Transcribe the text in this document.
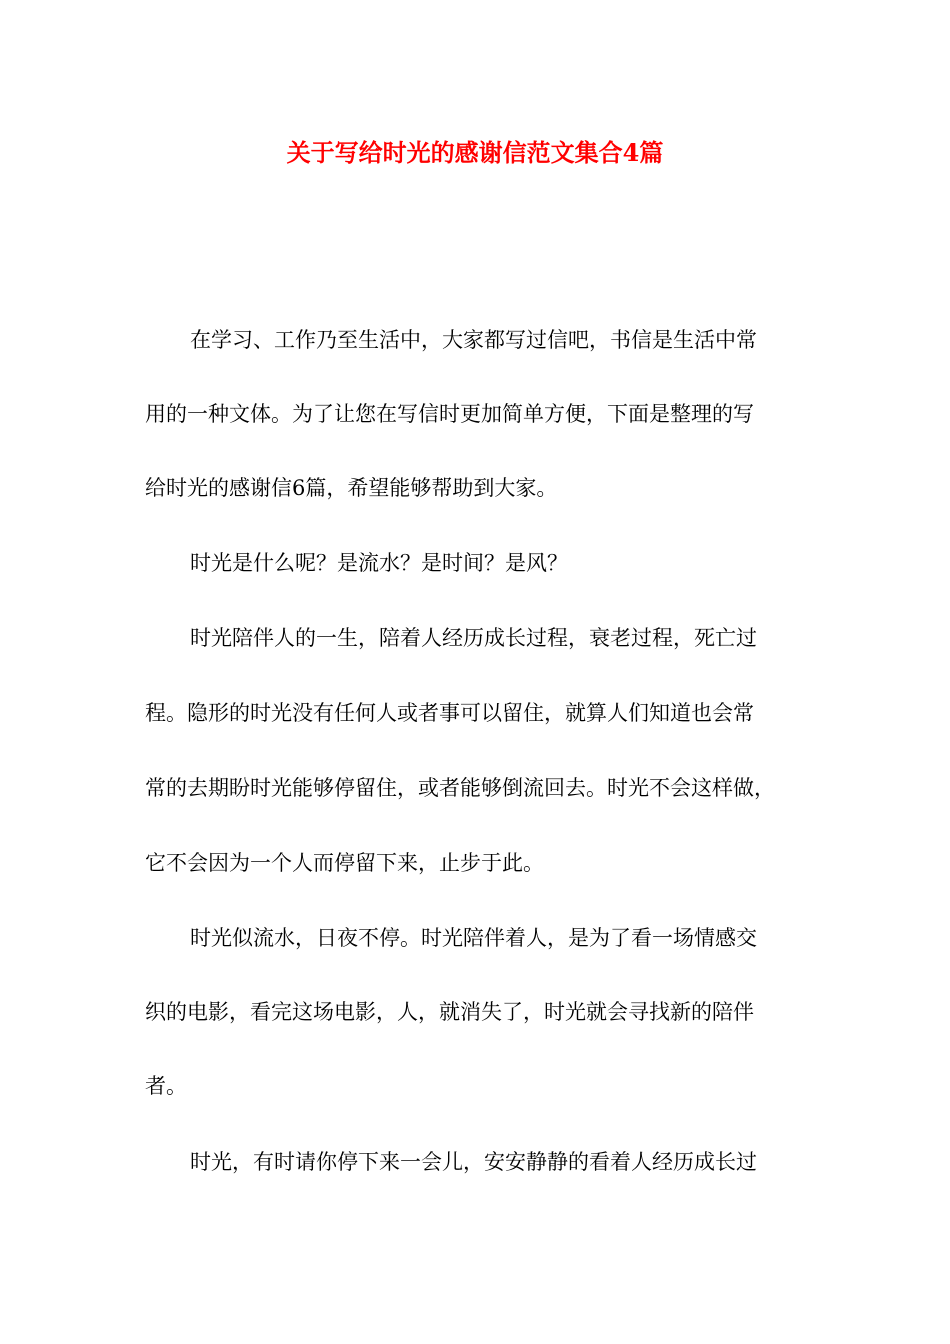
关于写给时光的感谢信范文集合4篇

在学习、工作乃至生活中，大家都写过信吧，书信是生活中常

用的一种文体。为了让您在写信时更加简单方便，下面是整理的写

给时光的感谢信6篇，希望能够帮助到大家。

时光是什么呢？是流水？是时间？是风？

时光陪伴人的一生，陪着人经历成长过程，衰老过程，死亡过

程。隐形的时光没有任何人或者事可以留住，就算人们知道也会常

常的去期盼时光能够停留住，或者能够倒流回去。时光不会这样做，

它不会因为一个人而停留下来，止步于此。

时光似流水，日夜不停。时光陪伴着人，是为了看一场情感交

织的电影，看完这场电影，人，就消失了，时光就会寻找新的陪伴

者。

时光，有时请你停下来一会儿，安安静静的看着人经历成长过
